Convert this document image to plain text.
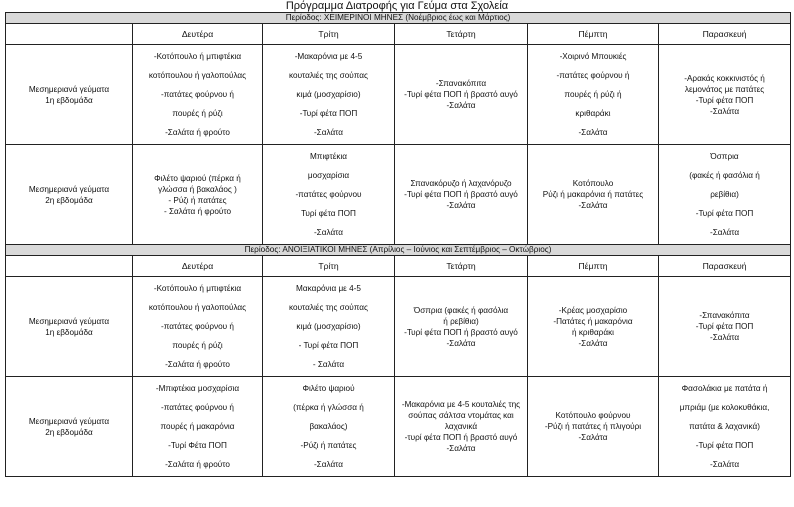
Πρόγραμμα Διατροφής για Γεύμα στα Σχολεία
Περίοδος: ΧΕΙΜΕΡΙΝΟΙ ΜΗΝΕΣ (Νοέμβριος έως και Μάρτιος)					
	Δευτέρα	Τρίτη	Τετάρτη	Πέμπτη	Παρασκευή

Μεσημεριανά γεύματα
1η εβδομάδα	-Κοτόπουλο ή μπιφτέκια
κοτόπουλου ή γαλοπούλας
-πατάτες φούρνου ή
πουρές ή ρύζι
-Σαλάτα ή φρούτο	-Μακαρόνια με 4-5
κουταλιές της σούπας
κιμά (μοσχαρίσιο)
-Τυρί φέτα ΠΟΠ
-Σαλάτα	-Σπανακόπιτα
-Τυρί φέτα ΠΟΠ ή βραστό αυγό
-Σαλάτα	-Χοιρινό Μπουκιές
-πατάτες φούρνου ή
πουρές ή ρύζι ή
κριθαράκι
-Σαλάτα	-Αρακάς κοκκινιστός ή
λεμονάτος με πατάτες
-Τυρί φέτα ΠΟΠ
-Σαλάτα

Μεσημεριανά γεύματα
2η εβδομάδα	Φιλέτο ψαριού (πέρκα ή
γλώσσα ή βακαλάος )
- Ρύζι ή πατάτες
- Σαλάτα ή φρούτο	Μπιφτέκια
μοσχαρίσια
-πατάτες φούρνου
Τυρί φέτα ΠΟΠ
-Σαλάτα	Σπανακόρυζο ή λαχανόρυζο
-Τυρί φέτα ΠΟΠ ή βραστό αυγό
-Σαλάτα	Κοτόπουλο
Ρύζι ή μακαρόνια ή πατάτες
-Σαλάτα	Όσπρια
(φακές ή φασόλια ή
ρεβίθια)
-Τυρί φέτα ΠΟΠ
-Σαλάτα

Περίοδος: ΑΝΟΙΞΙΑΤΙΚΟΙ ΜΗΝΕΣ (Απρίλιος – Ιούνιος και Σεπτέμβριος – Οκτώβριος)					
	Δευτέρα	Τρίτη	Τετάρτη	Πέμπτη	Παρασκευή

Μεσημεριανά γεύματα
1η εβδομάδα	-Κοτόπουλο ή μπιφτέκια
κοτόπουλου ή γαλοπούλας
-πατάτες φούρνου ή
πουρές ή ρύζι
-Σαλάτα ή φρούτο	Μακαρόνια με 4-5
κουταλιές της σούπας
κιμά (μοσχαρίσιο)
- Τυρί φέτα ΠΟΠ
- Σαλάτα	Όσπρια (φακές ή φασόλια
ή ρεβίθια)
-Τυρί φέτα ΠΟΠ ή βραστό αυγό
-Σαλάτα	-Κρέας μοσχαρίσιο
-Πατάτες ή μακαρόνια
ή κριθαράκι
-Σαλάτα	-Σπανακόπιτα
-Τυρί φέτα ΠΟΠ
-Σαλάτα

Μεσημεριανά γεύματα
2η εβδομάδα	-Μπιφτέκια μοσχαρίσια
-πατάτες φούρνου ή
πουρές ή μακαρόνια
-Τυρί Φέτα ΠΟΠ
-Σαλάτα ή φρούτο	Φιλέτο ψαριού
(πέρκα ή γλώσσα ή
βακαλάος)
-Ρύζι ή πατάτες
-Σαλάτα	-Μακαρόνια με 4-5 κουταλιές της σούπας σάλτσα ντομάτας και λαχανικά
-τυρί φέτα ΠΟΠ ή βραστό αυγό
-Σαλάτα	Κοτόπουλο φούρνου
-Ρύζι ή πατάτες ή πλιγούρι
-Σαλάτα	Φασολάκια με πατάτα ή
μπριάμ (με κολοκυθάκια,
πατάτα & λαχανικά)
-Τυρί φέτα ΠΟΠ
-Σαλάτα
